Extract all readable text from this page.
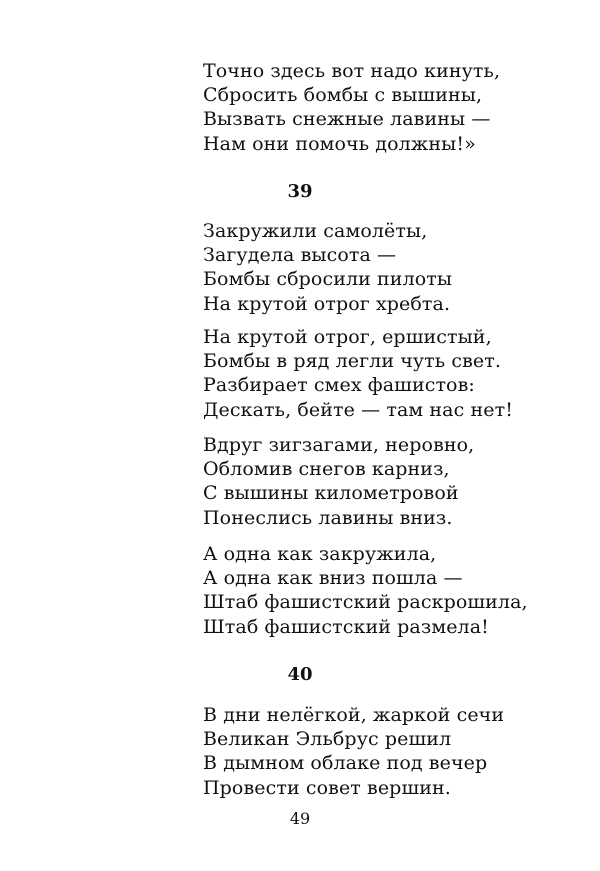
Точно здесь вот надо кинуть,
Сбросить бомбы с вышины,
Вызвать снежные лавины —
Нам они помочь должны!»
39
Закружили самолёты,
Загудела высота —
Бомбы сбросили пилоты
На крутой отрог хребта.
На крутой отрог, ершистый,
Бомбы в ряд легли чуть свет.
Разбирает смех фашистов:
Дескать, бейте — там нас нет!
Вдруг зигзагами, неровно,
Обломив снегов карниз,
С вышины километровой
Понеслись лавины вниз.
А одна как закружила,
А одна как вниз пошла —
Штаб фашистский раскрошила,
Штаб фашистский размела!
40
В дни нелёгкой, жаркой сечи
Великан Эльбрус решил
В дымном облаке под вечер
Провести совет вершин.
49
